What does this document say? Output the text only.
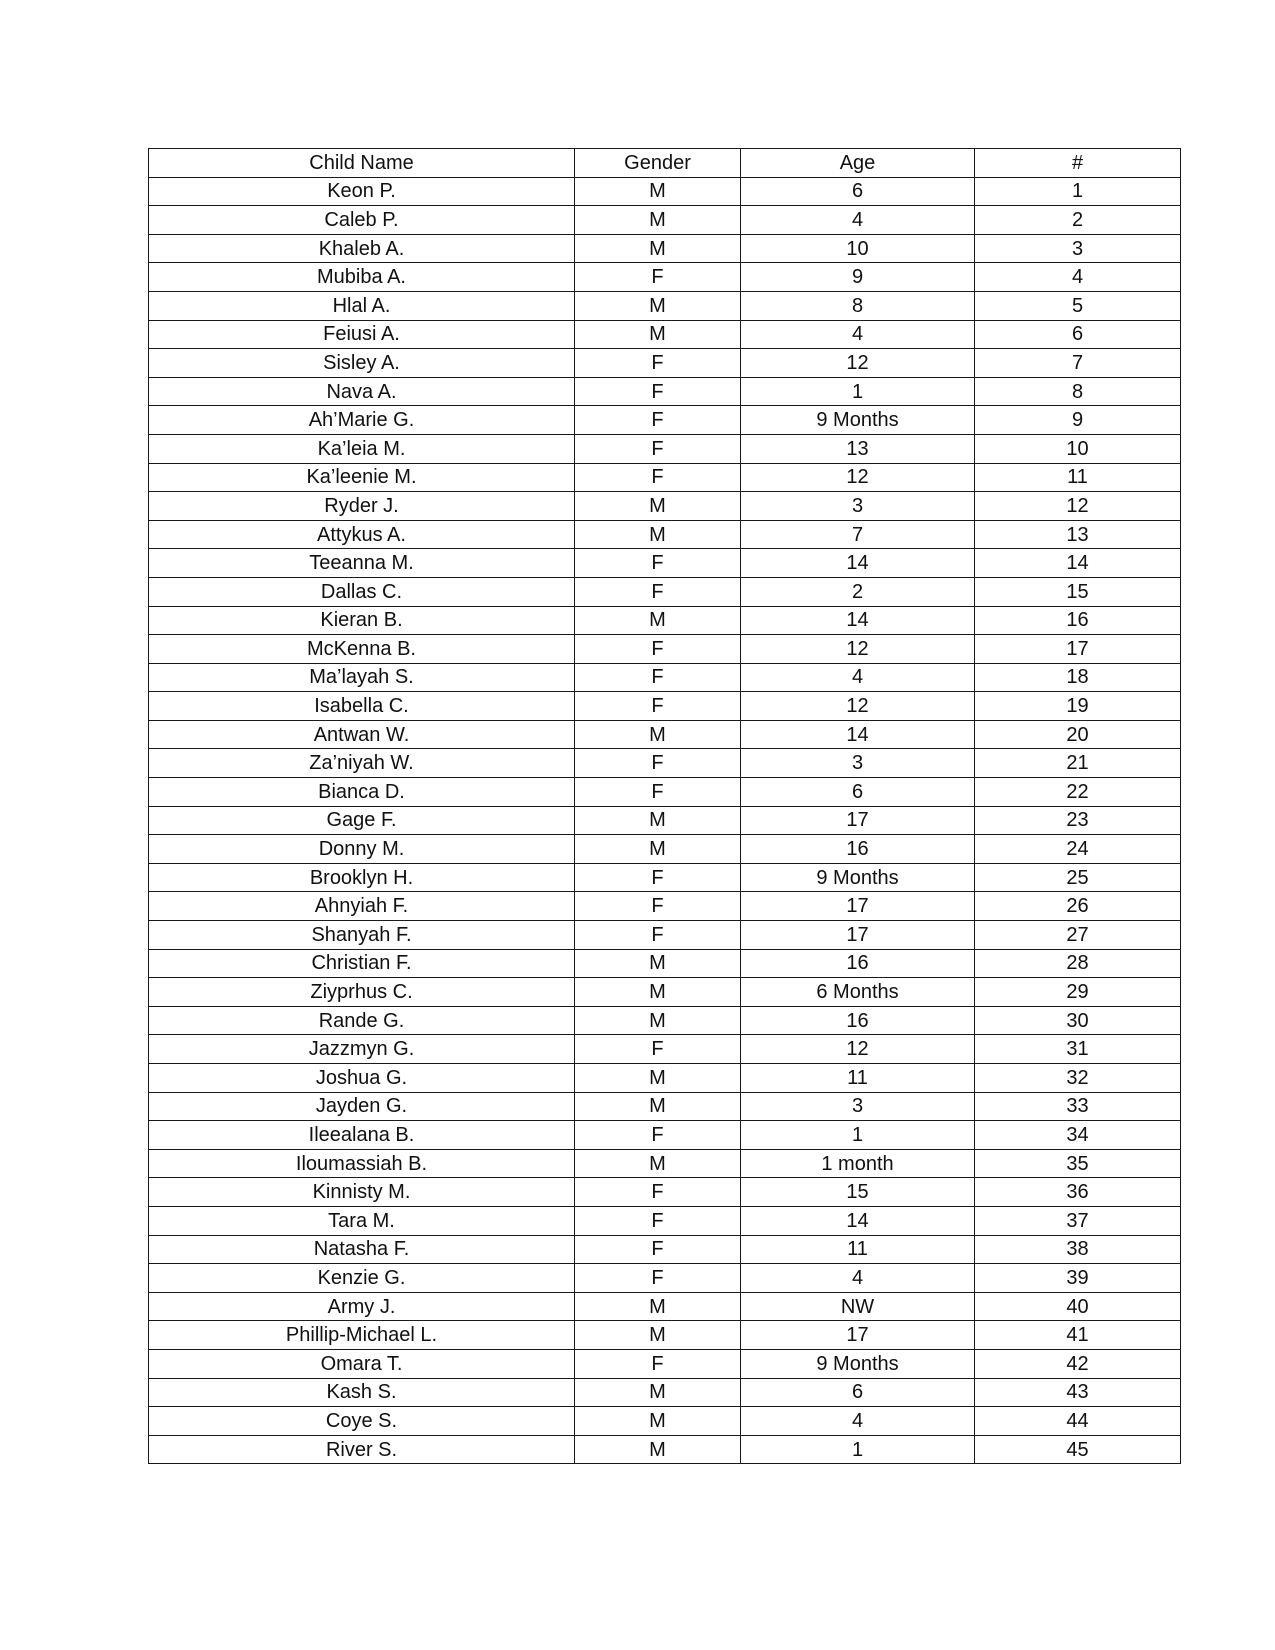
Child Name	Gender	Age	#
Keon P.	M	6	1
Caleb P.	M	4	2
Khaleb A.	M	10	3
Mubiba A.	F	9	4
Hlal A.	M	8	5
Feiusi A.	M	4	6
Sisley A.	F	12	7
Nava A.	F	1	8
Ah’Marie G.	F	9 Months	9
Ka’leia M.	F	13	10
Ka’leenie M.	F	12	11
Ryder J.	M	3	12
Attykus A.	M	7	13
Teeanna M.	F	14	14
Dallas C.	F	2	15
Kieran B.	M	14	16
McKenna B.	F	12	17
Ma’layah S.	F	4	18
Isabella C.	F	12	19
Antwan W.	M	14	20
Za’niyah W.	F	3	21
Bianca D.	F	6	22
Gage F.	M	17	23
Donny M.	M	16	24
Brooklyn H.	F	9 Months	25
Ahnyiah F.	F	17	26
Shanyah F.	F	17	27
Christian F.	M	16	28
Ziyprhus C.	M	6 Months	29
Rande G.	M	16	30
Jazzmyn G.	F	12	31
Joshua G.	M	11	32
Jayden G.	M	3	33
Ileealana B.	F	1	34
Iloumassiah B.	M	1 month	35
Kinnisty M.	F	15	36
Tara M.	F	14	37
Natasha F.	F	11	38
Kenzie G.	F	4	39
Army J.	M	NW	40
Phillip-Michael L.	M	17	41
Omara T.	F	9 Months	42
Kash S.	M	6	43
Coye S.	M	4	44
River S.	M	1	45
